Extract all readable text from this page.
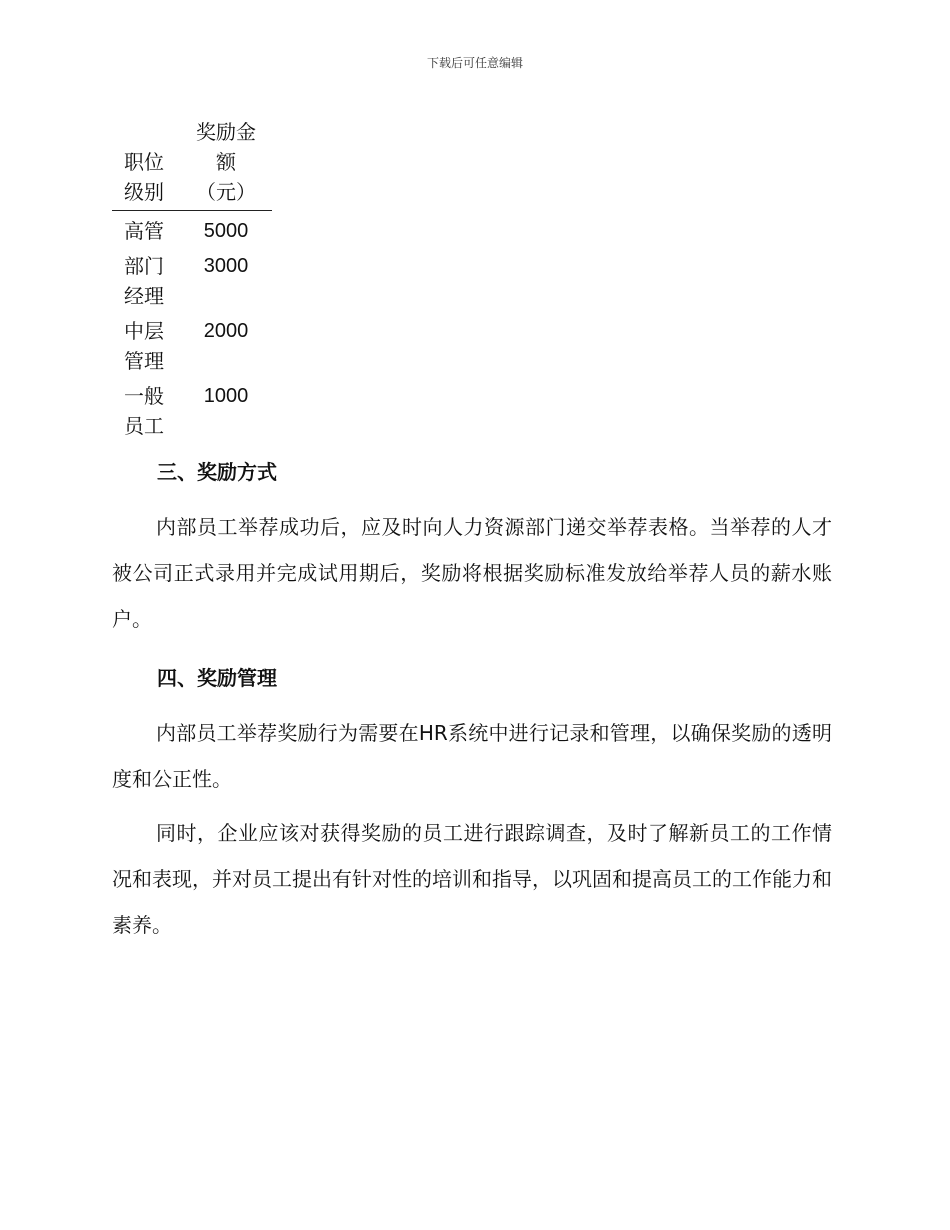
下载后可任意编辑
职位级别	奖励金额（元）
高管	5000
部门经理	3000
中层管理	2000
一般员工	1000
三、奖励方式

内部员工举荐成功后，应及时向人力资源部门递交举荐表格。当举荐的人才被公司正式录用并完成试用期后，奖励将根据奖励标准发放给举荐人员的薪水账户。

四、奖励管理

内部员工举荐奖励行为需要在HR系统中进行记录和管理，以确保奖励的透明度和公正性。

同时，企业应该对获得奖励的员工进行跟踪调查，及时了解新员工的工作情况和表现，并对员工提出有针对性的培训和指导，以巩固和提高员工的工作能力和素养。
